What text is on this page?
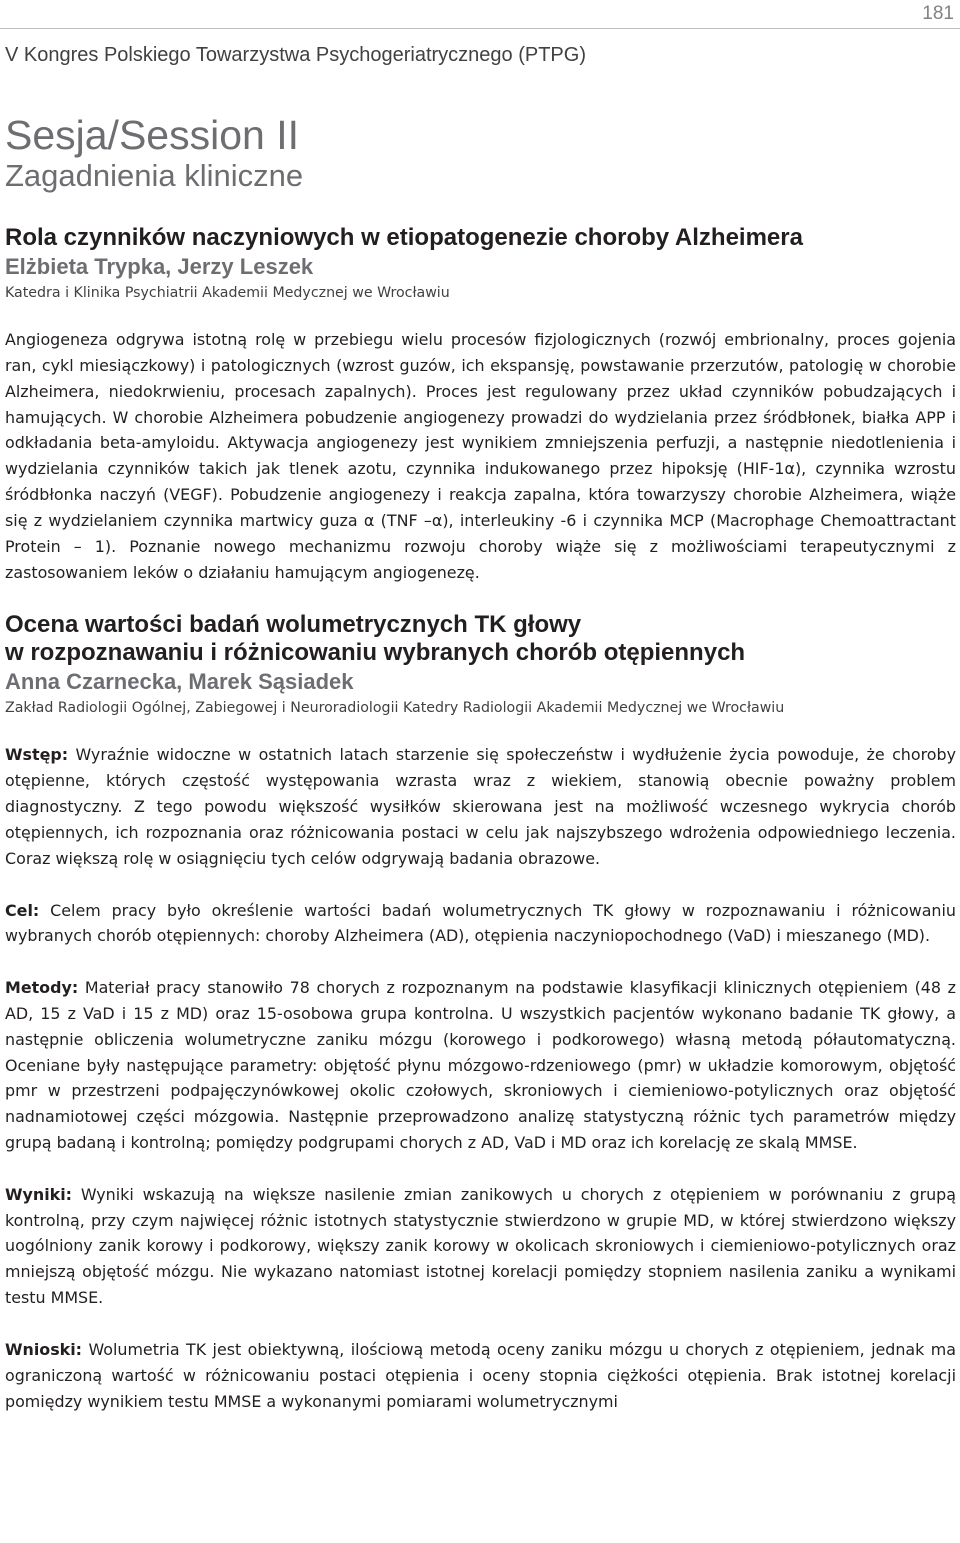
181
V Kongres Polskiego Towarzystwa Psychogeriatrycznego (PTPG)
Sesja/Session II
Zagadnienia kliniczne
Rola czynników naczyniowych w etiopatogenezie choroby Alzheimera
Elżbieta Trypka, Jerzy Leszek
Katedra i Klinika Psychiatrii Akademii Medycznej we Wrocławiu

Angiogeneza odgrywa istotną rolę w przebiegu wielu procesów fizjologicznych (rozwój embrionalny, proces gojenia ran, cykl miesiączkowy) i patologicznych (wzrost guzów, ich ekspansję, powstawanie przerzutów, patologię w chorobie Alzheimera, niedokrwieniu, procesach zapalnych). Proces jest regulowany przez układ czynników pobudzających i hamujących. W chorobie Alzheimera pobudzenie angiogenezy prowadzi do wydzielania przez śródbłonek, białka APP i odkładania beta-amyloidu. Aktywacja angiogenezy jest wynikiem zmniejszenia perfuzji, a następnie niedotlenienia i wydzielania czynników takich jak tlenek azotu, czynnika indukowanego przez hipoksję (HIF-1α), czynnika wzrostu śródbłonka naczyń (VEGF). Pobudzenie angiogenezy i reakcja zapalna, która towarzyszy chorobie Alzheimera, wiąże się z wydzielaniem czynnika martwicy guza α (TNF –α), interleukiny -6 i czynnika MCP (Macrophage Chemoattractant Protein – 1). Poznanie nowego mechanizmu rozwoju choroby wiąże się z możliwościami terapeutycznymi z zastosowaniem leków o działaniu hamującym angiogenezę.

Ocena wartości badań wolumetrycznych TK głowy
w rozpoznawaniu i różnicowaniu wybranych chorób otępiennych
Anna Czarnecka, Marek Sąsiadek
Zakład Radiologii Ogólnej, Zabiegowej i Neuroradiologii Katedry Radiologii Akademii Medycznej we Wrocławiu

Wstęp: Wyraźnie widoczne w ostatnich latach starzenie się społeczeństw i wydłużenie życia powoduje, że choroby otępienne, których częstość występowania wzrasta wraz z wiekiem, stanowią obecnie poważny problem diagnostyczny. Z tego powodu większość wysiłków skierowana jest na możliwość wczesnego wykrycia chorób otępiennych, ich rozpoznania oraz różnicowania postaci w celu jak najszybszego wdrożenia odpowiedniego leczenia. Coraz większą rolę w osiągnięciu tych celów odgrywają badania obrazowe.

Cel: Celem pracy było określenie wartości badań wolumetrycznych TK głowy w rozpoznawaniu i różnicowaniu wybranych chorób otępiennych: choroby Alzheimera (AD), otępienia naczyniopochodnego (VaD) i mieszanego (MD).

Metody: Materiał pracy stanowiło 78 chorych z rozpoznanym na podstawie klasyfikacji klinicznych otępieniem (48 z AD, 15 z VaD i 15 z MD) oraz 15-osobowa grupa kontrolna. U wszystkich pacjentów wykonano badanie TK głowy, a następnie obliczenia wolumetryczne zaniku mózgu (korowego i podkorowego) własną metodą półautomatyczną. Oceniane były następujące parametry: objętość płynu mózgowo-rdzeniowego (pmr) w układzie komorowym, objętość pmr w przestrzeni podpajęczynówkowej okolic czołowych, skroniowych i ciemieniowo-potylicznych oraz objętość nadnamiotowej części mózgowia. Następnie przeprowadzono analizę statystyczną różnic tych parametrów między grupą badaną i kontrolną; pomiędzy podgrupami chorych z AD, VaD i MD oraz ich korelację ze skalą MMSE.

Wyniki: Wyniki wskazują na większe nasilenie zmian zanikowych u chorych z otępieniem w porównaniu z grupą kontrolną, przy czym najwięcej różnic istotnych statystycznie stwierdzono w grupie MD, w której stwierdzono większy uogólniony zanik korowy i podkorowy, większy zanik korowy w okolicach skroniowych i ciemieniowo-potylicznych oraz mniejszą objętość mózgu. Nie wykazano natomiast istotnej korelacji pomiędzy stopniem nasilenia zaniku a wynikami testu MMSE.

Wnioski: Wolumetria TK jest obiektywną, ilościową metodą oceny zaniku mózgu u chorych z otępieniem, jednak ma ograniczoną wartość w różnicowaniu postaci otępienia i oceny stopnia ciężkości otępienia. Brak istotnej korelacji pomiędzy wynikiem testu MMSE a wykonanymi pomiarami wolumetrycznymi
